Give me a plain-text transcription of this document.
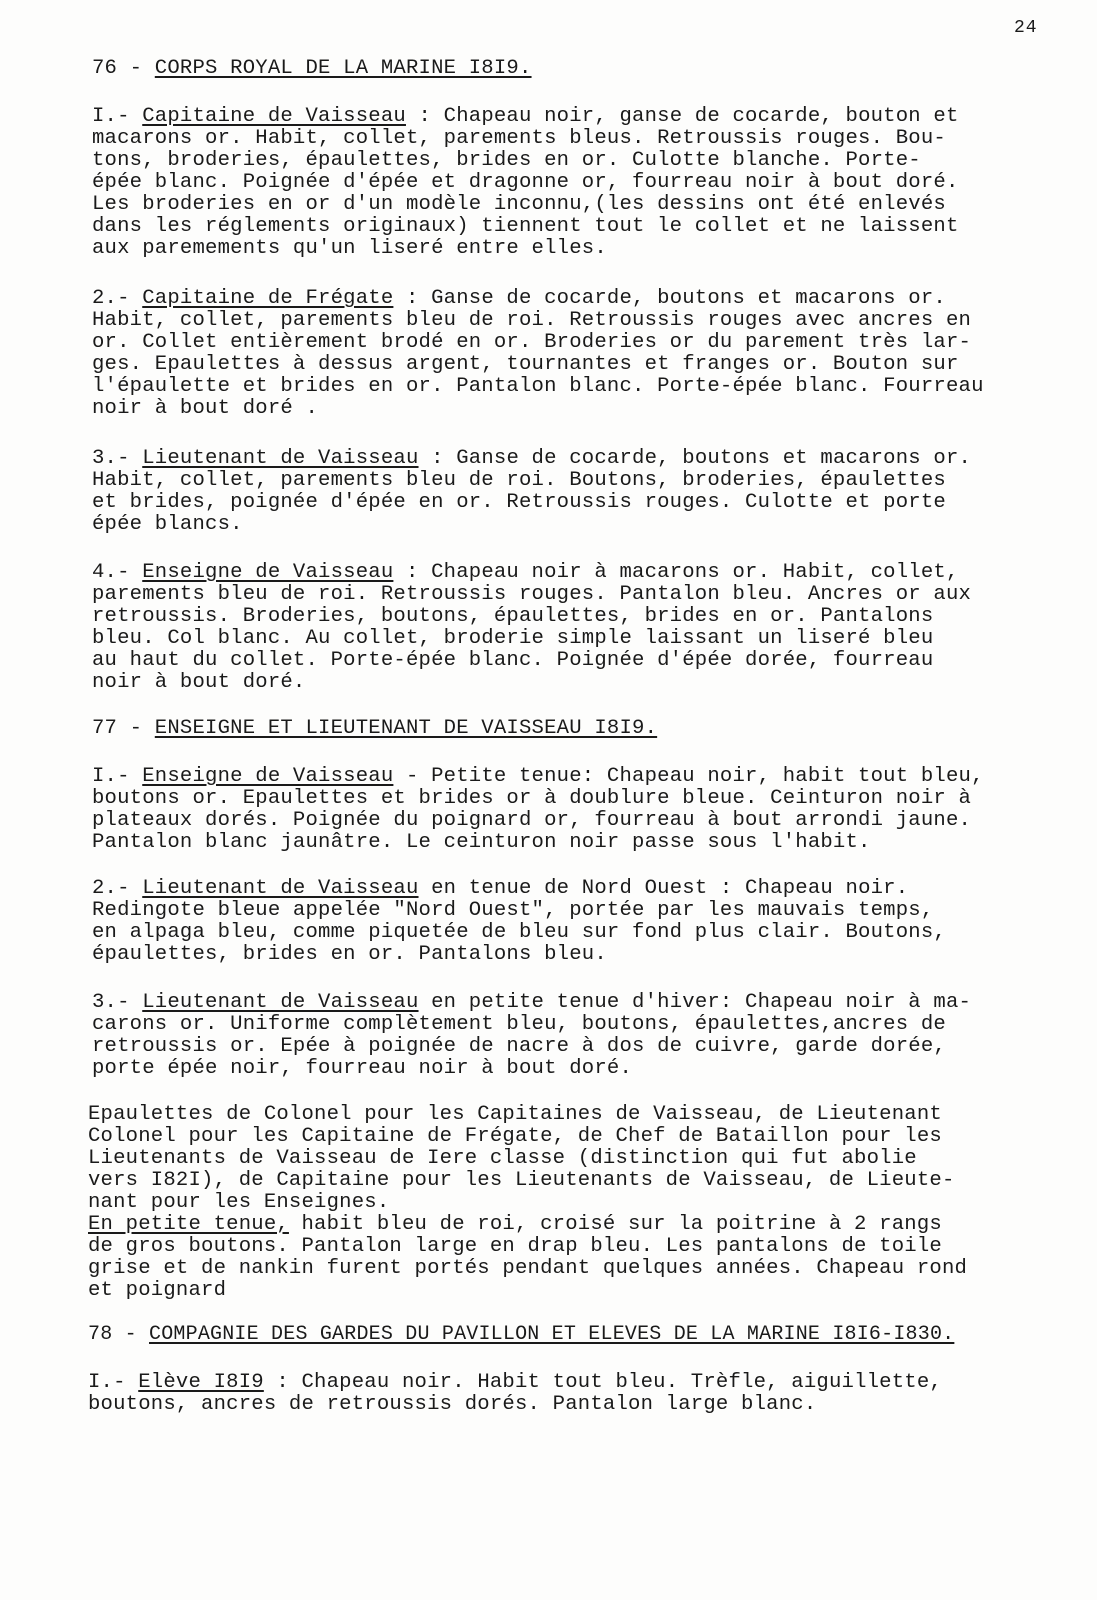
24
76 - CORPS ROYAL DE LA MARINE I8I9.
I.- Capitaine de Vaisseau : Chapeau noir, ganse de cocarde, bouton et
macarons or. Habit, collet, parements bleus. Retroussis rouges. Bou-
tons, broderies, épaulettes, brides en or. Culotte blanche. Porte-
épée blanc. Poignée d'épée et dragonne or, fourreau noir à bout doré.
Les broderies en or d'un modèle inconnu,(les dessins ont été enlevés
dans les réglements originaux) tiennent tout le collet et ne laissent
aux paremements qu'un liseré entre elles.
2.- Capitaine de Frégate : Ganse de cocarde, boutons et macarons or.
Habit, collet, parements bleu de roi. Retroussis rouges avec ancres en
or. Collet entièrement brodé en or. Broderies or du parement très lar-
ges. Epaulettes à dessus argent, tournantes et franges or. Bouton sur
l'épaulette et brides en or. Pantalon blanc. Porte-épée blanc. Fourreau
noir à bout doré .
3.- Lieutenant de Vaisseau : Ganse de cocarde, boutons et macarons or.
Habit, collet, parements bleu de roi. Boutons, broderies, épaulettes
et brides, poignée d'épée en or. Retroussis rouges. Culotte et porte
épée blancs.
4.- Enseigne de Vaisseau : Chapeau noir à macarons or. Habit, collet,
parements bleu de roi. Retroussis rouges. Pantalon bleu. Ancres or aux
retroussis. Broderies, boutons, épaulettes, brides en or. Pantalons
bleu. Col blanc. Au collet, broderie simple laissant un liseré bleu
au haut du collet. Porte-épée blanc. Poignée d'épée dorée, fourreau
noir à bout doré.
77 - ENSEIGNE ET LIEUTENANT DE VAISSEAU I8I9.
I.- Enseigne de Vaisseau - Petite tenue: Chapeau noir, habit tout bleu,
boutons or. Epaulettes et brides or à doublure bleue. Ceinturon noir à
plateaux dorés. Poignée du poignard or, fourreau à bout arrondi jaune.
Pantalon blanc jaunâtre. Le ceinturon noir passe sous l'habit.
2.- Lieutenant de Vaisseau en tenue de Nord Ouest : Chapeau noir.
Redingote bleue appelée "Nord Ouest", portée par les mauvais temps,
en alpaga bleu, comme piquetée de bleu sur fond plus clair. Boutons,
épaulettes, brides en or. Pantalons bleu.
3.- Lieutenant de Vaisseau en petite tenue d'hiver: Chapeau noir à ma-
carons or. Uniforme complètement bleu, boutons, épaulettes,ancres de
retroussis or. Epée à poignée de nacre à dos de cuivre, garde dorée,
porte épée noir, fourreau noir à bout doré.
Epaulettes de Colonel pour les Capitaines de Vaisseau, de Lieutenant
Colonel pour les Capitaine de Frégate, de Chef de Bataillon pour les
Lieutenants de Vaisseau de Iere classe (distinction qui fut abolie
vers I82I), de Capitaine pour les Lieutenants de Vaisseau, de Lieute-
nant pour les Enseignes.
En petite tenue, habit bleu de roi, croisé sur la poitrine à 2 rangs
de gros boutons. Pantalon large en drap bleu. Les pantalons de toile
grise et de nankin furent portés pendant quelques années. Chapeau rond
et poignard
78 - COMPAGNIE DES GARDES DU PAVILLON ET ELEVES DE LA MARINE I8I6-I830.
I.- Elève I8I9 : Chapeau noir. Habit tout bleu. Trèfle, aiguillette,
boutons, ancres de retroussis dorés. Pantalon large blanc.
